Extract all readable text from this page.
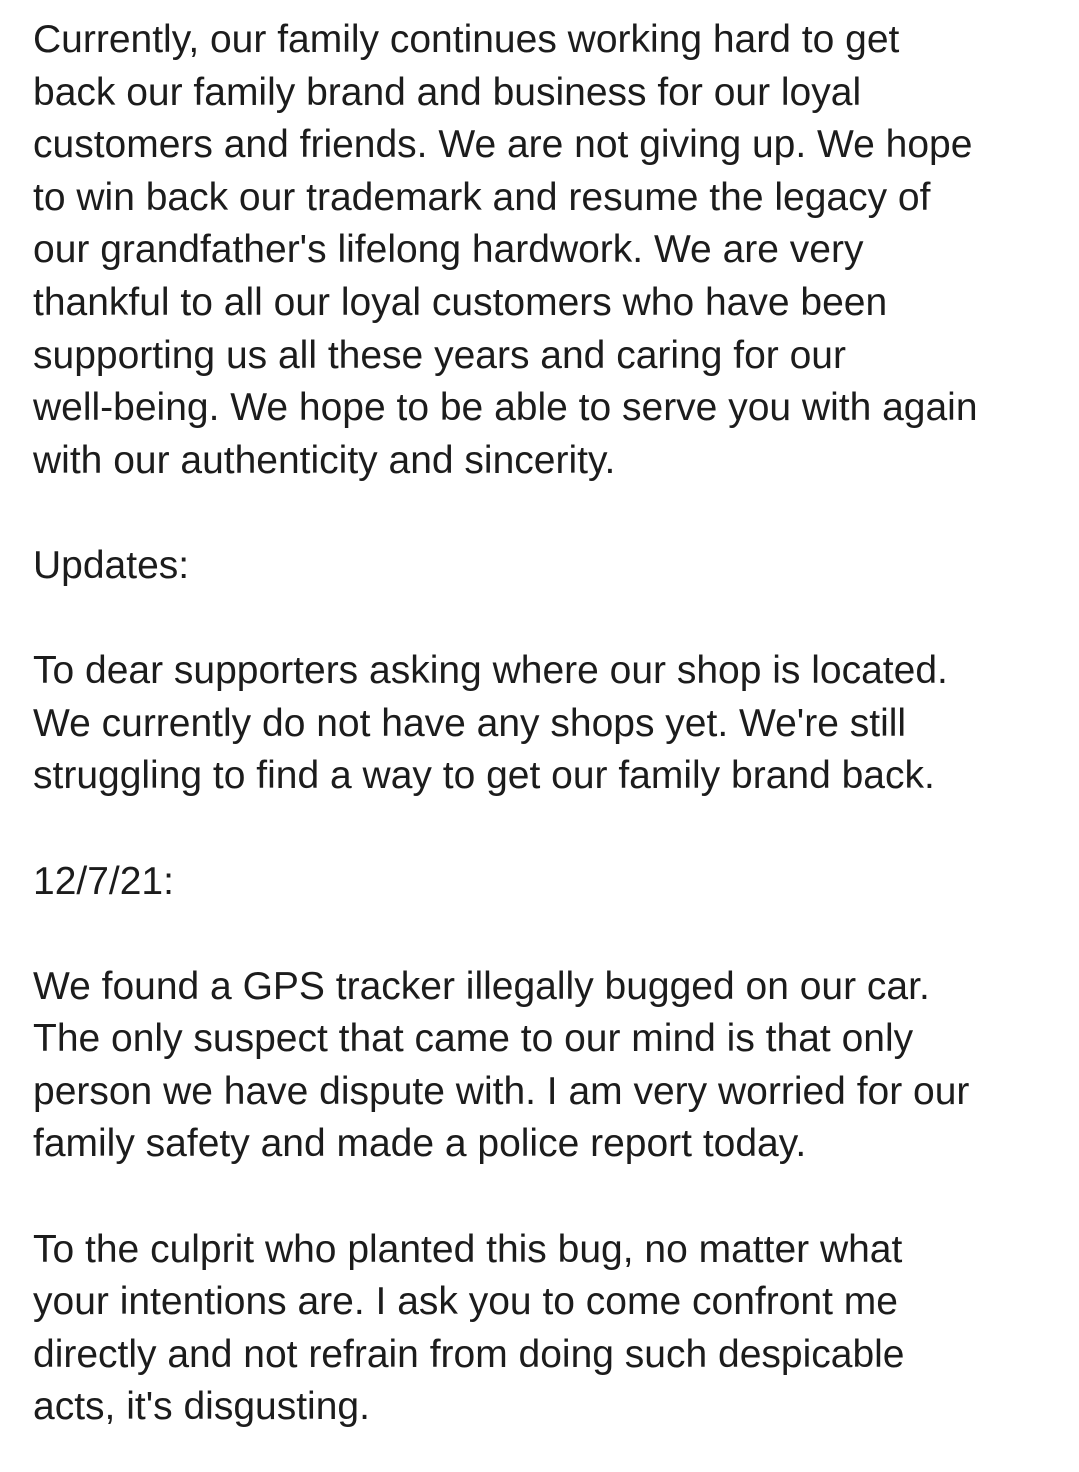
Currently, our family continues working hard to get
back our family brand and business for our loyal
customers and friends. We are not giving up. We hope
to win back our trademark and resume the legacy of
our grandfather's lifelong hardwork. We are very
thankful to all our loyal customers who have been
supporting us all these years and caring for our
well-being. We hope to be able to serve you with again
with our authenticity and sincerity.

Updates:

To dear supporters asking where our shop is located.
We currently do not have any shops yet. We're still
struggling to find a way to get our family brand back.

12/7/21:

We found a GPS tracker illegally bugged on our car.
The only suspect that came to our mind is that only
person we have dispute with. I am very worried for our
family safety and made a police report today.

To the culprit who planted this bug, no matter what
your intentions are. I ask you to come confront me
directly and not refrain from doing such despicable
acts, it's disgusting.
